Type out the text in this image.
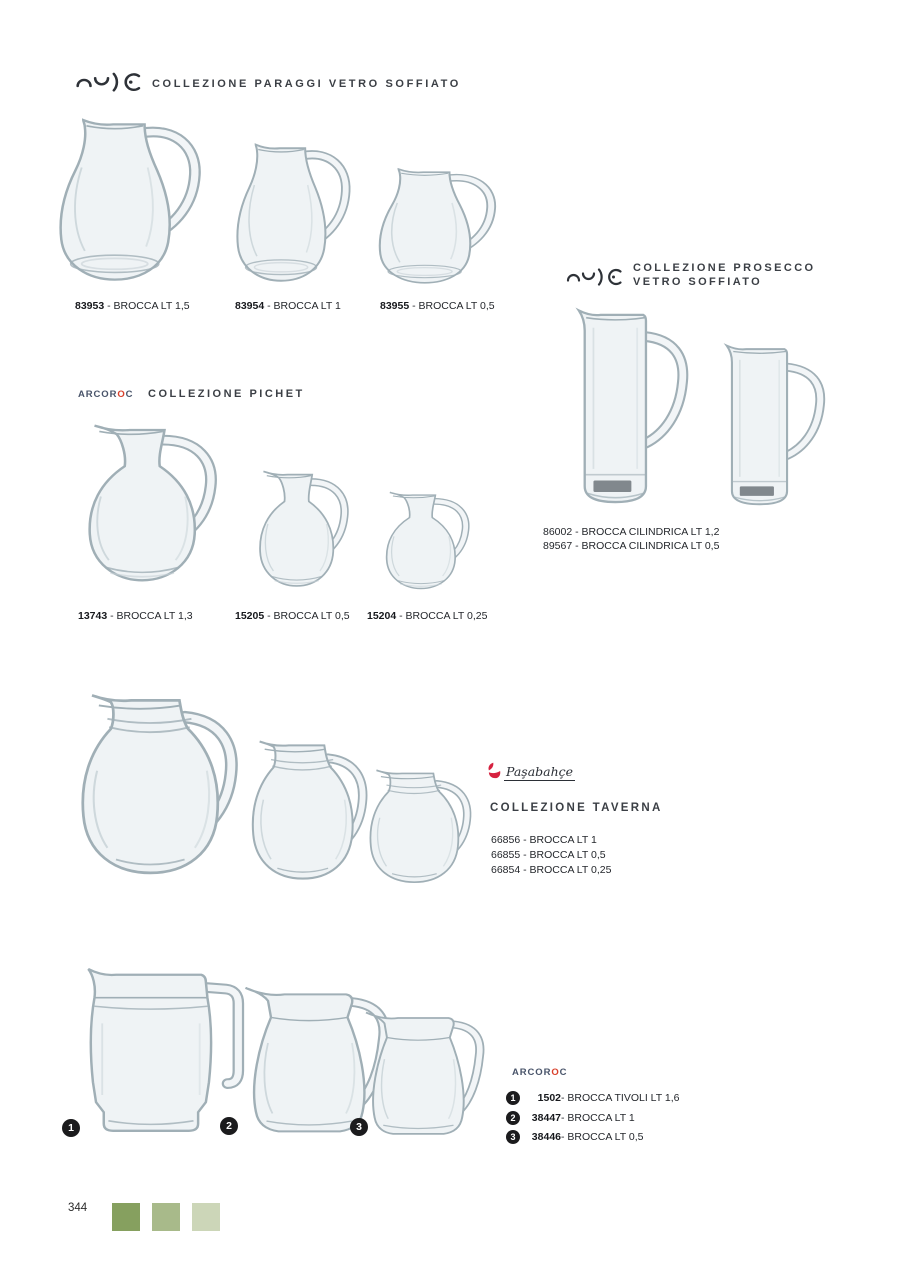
COLLEZIONE PARAGGI VETRO SOFFIATO
83953 - BROCCA LT 1,5	83954 - BROCCA LT 1	83955 - BROCCA LT 0,5
COLLEZIONE PROSECCO
VETRO SOFFIATO
86002 - BROCCA CILINDRICA LT 1,2
89567 - BROCCA CILINDRICA LT 0,5
ARCOROC COLLEZIONE PICHET
13743 - BROCCA LT 1,3	15205 - BROCCA LT 0,5 15204 - BROCCA LT 0,25
Paşabahçe
COLLEZIONE TAVERNA
66856 - BROCCA LT 1
66855 - BROCCA LT 0,5
66854 - BROCCA LT 0,25
1	2	3
ARCOROC
1	1502 - BROCCA TIVOLI LT 1,6
2	38447 - BROCCA LT 1
3	38446 - BROCCA LT 0,5
344
